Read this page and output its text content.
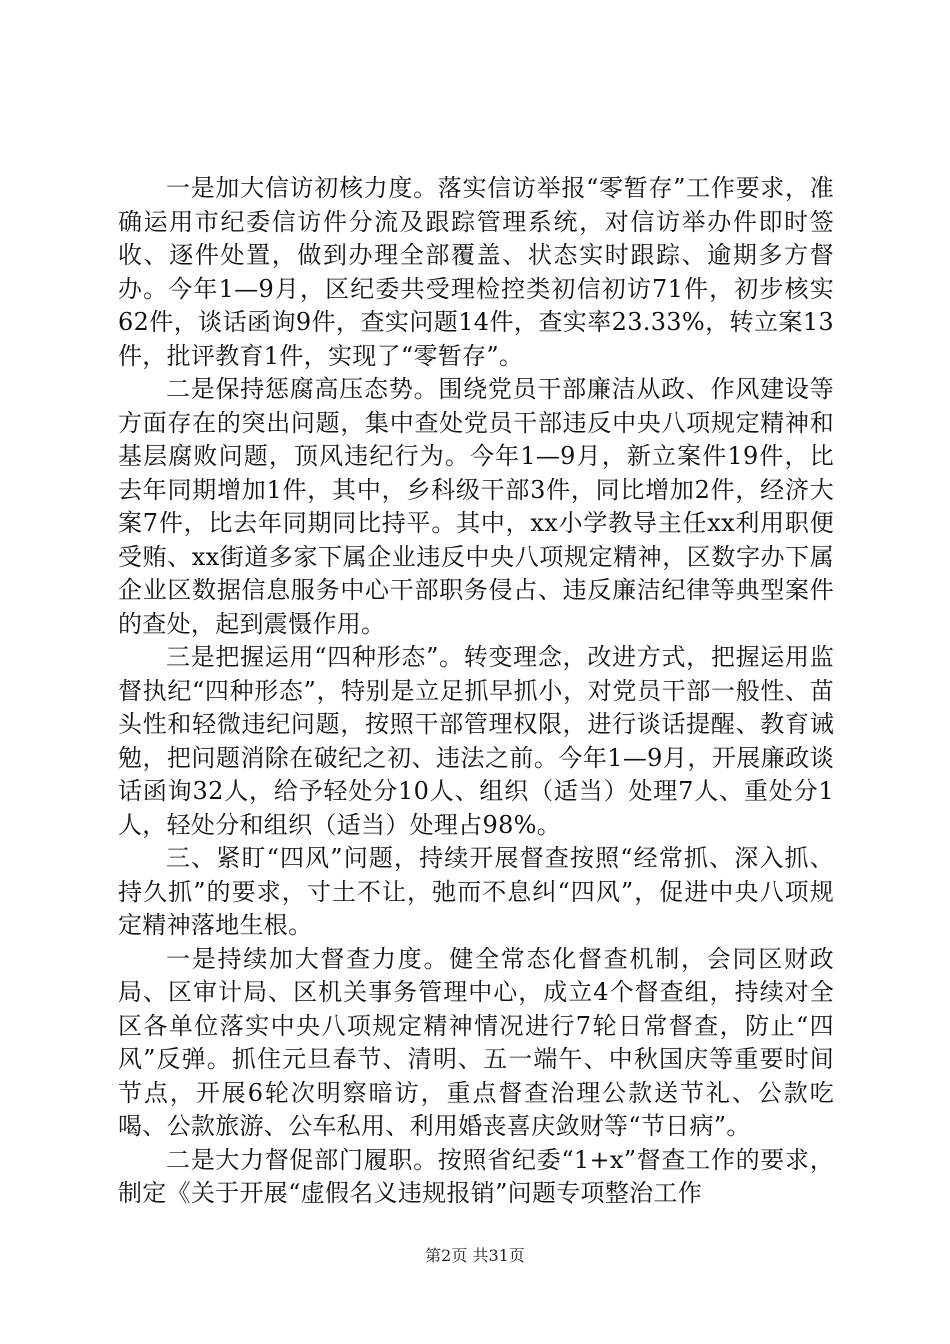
一是加大信访初核力度。落实信访举报“零暂存”工作要求，准确运用市纪委信访件分流及跟踪管理系统，对信访举办件即时签收、逐件处置，做到办理全部覆盖、状态实时跟踪、逾期多方督办。今年1—9月，区纪委共受理检控类初信初访71件，初步核实62件，谈话函询9件，查实问题14件，查实率23.33%，转立案13件，批评教育1件，实现了“零暂存”。

二是保持惩腐高压态势。围绕党员干部廉洁从政、作风建设等方面存在的突出问题，集中查处党员干部违反中央八项规定精神和基层腐败问题，顶风违纪行为。今年1—9月，新立案件19件，比去年同期增加1件，其中，乡科级干部3件，同比增加2件，经济大案7件，比去年同期同比持平。其中，xx小学教导主任xx利用职便受贿、xx街道多家下属企业违反中央八项规定精神，区数字办下属企业区数据信息服务中心干部职务侵占、违反廉洁纪律等典型案件的查处，起到震慑作用。

三是把握运用“四种形态”。转变理念，改进方式，把握运用监督执纪“四种形态”，特别是立足抓早抓小，对党员干部一般性、苗头性和轻微违纪问题，按照干部管理权限，进行谈话提醒、教育诫勉，把问题消除在破纪之初、违法之前。今年1—9月，开展廉政谈话函询32人，给予轻处分10人、组织（适当）处理7人、重处分1人，轻处分和组织（适当）处理占98%。

三、紧盯“四风”问题，持续开展督查按照“经常抓、深入抓、持久抓”的要求，寸土不让，弛而不息纠“四风”，促进中央八项规定精神落地生根。

一是持续加大督查力度。健全常态化督查机制，会同区财政局、区审计局、区机关事务管理中心，成立4个督查组，持续对全区各单位落实中央八项规定精神情况进行7轮日常督查，防止“四风”反弹。抓住元旦春节、清明、五一端午、中秋国庆等重要时间节点，开展6轮次明察暗访，重点督查治理公款送节礼、公款吃喝、公款旅游、公车私用、利用婚丧喜庆敛财等“节日病”。

二是大力督促部门履职。按照省纪委“1+x”督查工作的要求，制定《关于开展“虚假名义违规报销”问题专项整治工作

第2页 共31页
